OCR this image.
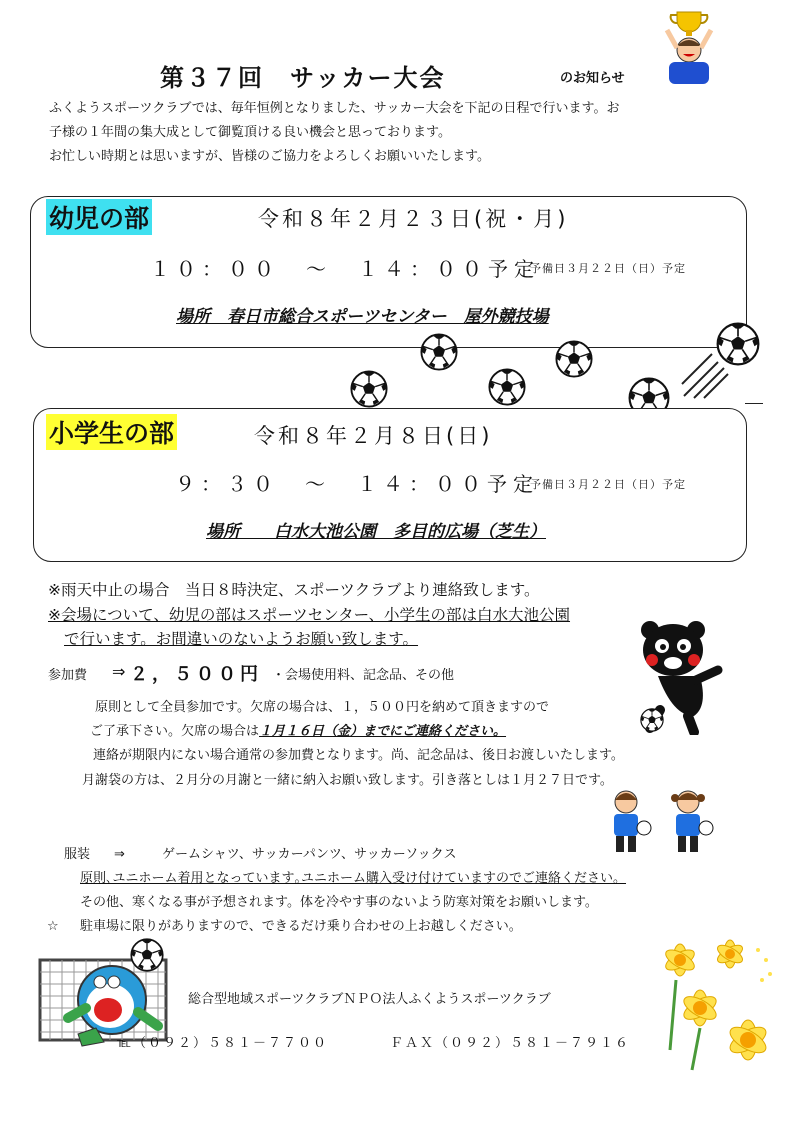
第３７回　サッカー大会	のお知らせ
ふくようスポーツクラブでは、毎年恒例となりました、サッカー大会を下記の日程で行います。お
子様の１年間の集大成として御覧頂ける良い機会と思っております。
お忙しい時期とは思いますが、皆様のご協力をよろしくお願いいたします。
幼児の部	令和８年２月２３日(祝・月)
１０：００　～　１４：００予定
予備日３月２２日（日）予定
場所　春日市総合スポーツセンター　屋外競技場
小学生の部	令和８年２月８日(日)
９：３０　～　１４：００予定
予備日３月２２日（日）予定
場所　　白水大池公園　多目的広場（芝生）
※雨天中止の場合　当日８時決定、スポーツクラブより連絡致します。
※会場について、幼児の部はスポーツセンター、小学生の部は白水大池公園
で行います。お間違いのないようお願い致します。
参加費 ⇒ ２，５００円 ・会場使用料、記念品、その他
原則として全員参加です。欠席の場合は、１，５００円を納めて頂きますので
ご了承下さい。欠席の場合は１月１６日（金）までにご連絡ください。
連絡が期限内にない場合通常の参加費となります。尚、記念品は、後日お渡しいたします。
月謝袋の方は、２月分の月謝と一緒に納入お願い致します。引き落としは１月２７日です。
服装 ⇒	ゲームシャツ、サッカーパンツ、サッカーソックス
原則､ユニホーム着用となっています｡ユニホーム購入受け付けていますのでご連絡ください。
その他、寒くなる事が予想されます。体を冷やす事のないよう防寒対策をお願いします。
☆ 駐車場に限りがありますので、できるだけ乗り合わせの上お越しください。
総合型地域スポーツクラブＮＰＯ法人ふくようスポーツクラブ
℡（０９２）５８１－７７００	ＦＡＸ（０９２）５８１－７９１６
